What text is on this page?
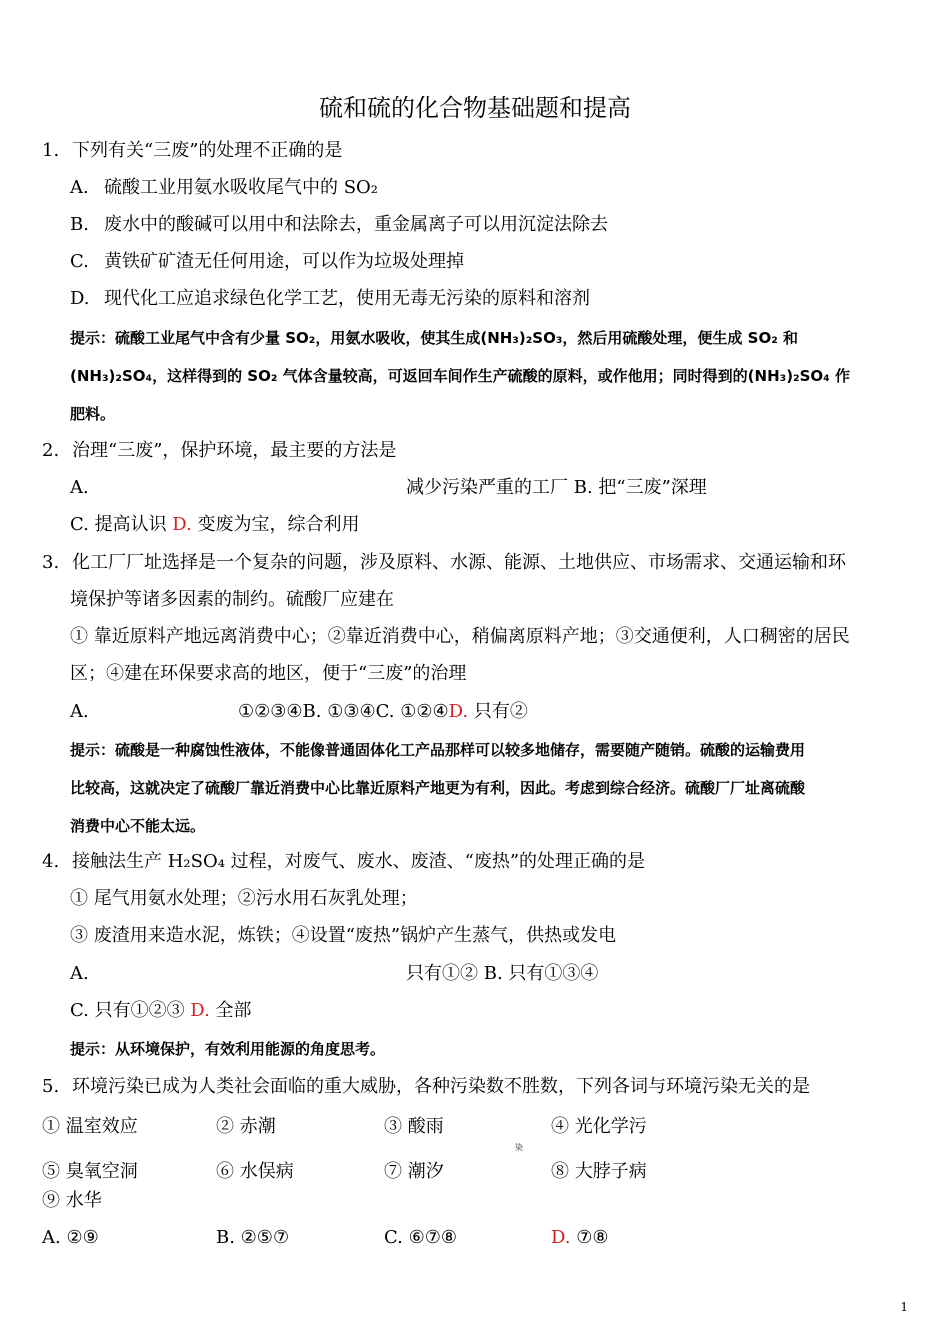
硫和硫的化合物基础题和提高
1. 下列有关“三废”的处理不正确的是
A. 硫酸工业用氨水吸收尾气中的 SO₂
B. 废水中的酸碱可以用中和法除去，重金属离子可以用沉淀法除去
C. 黄铁矿矿渣无任何用途，可以作为垃圾处理掉
D. 现代化工应追求绿色化学工艺，使用无毒无污染的原料和溶剂
提示：硫酸工业尾气中含有少量 SO₂，用氨水吸收，使其生成(NH₃)₂SO₃，然后用硫酸处理，便生成 SO₂ 和
(NH₃)₂SO₄，这样得到的 SO₂ 气体含量较高，可返回车间作生产硫酸的原料，或作他用；同时得到的(NH₃)₂SO₄ 作
肥料。
2. 治理“三废”，保护环境，最主要的方法是
A.	减少污染严重的工厂 B. 把“三废”深理
C. 提高认识 D. 变废为宝，综合利用
3. 化工厂厂址选择是一个复杂的问题，涉及原料、水源、能源、土地供应、市场需求、交通运输和环
境保护等诸多因素的制约。硫酸厂应建在
① 靠近原料产地远离消费中心；②靠近消费中心，稍偏离原料产地；③交通便利，人口稠密的居民
区；④建在环保要求高的地区，便于“三废”的治理
A.	①②③④B. ①③④C. ①②④D. 只有②
提示：硫酸是一种腐蚀性液体，不能像普通固体化工产品那样可以较多地储存，需要随产随销。硫酸的运输费用
比较高，这就决定了硫酸厂靠近消费中心比靠近原料产地更为有利，因此。考虑到综合经济。硫酸厂厂址离硫酸
消费中心不能太远。
4. 接触法生产 H₂SO₄ 过程，对废气、废水、废渣、“废热”的处理正确的是
① 尾气用氨水处理；②污水用石灰乳处理；
③ 废渣用来造水泥，炼铁；④设置“废热”锅炉产生蒸气，供热或发电
A.	只有①② B. 只有①③④
C. 只有①②③ D. 全部
提示：从环境保护，有效利用能源的角度思考。
5. 环境污染已成为人类社会面临的重大威胁，各种污染数不胜数，下列各词与环境污染无关的是
① 温室效应	② 赤潮	③ 酸雨	④ 光化学污
染
⑤ 臭氧空洞	⑥ 水俣病	⑦ 潮汐	⑧ 大脖子病
⑨ 水华
A. ②⑨	B. ②⑤⑦	C. ⑥⑦⑧	D. ⑦⑧
1
